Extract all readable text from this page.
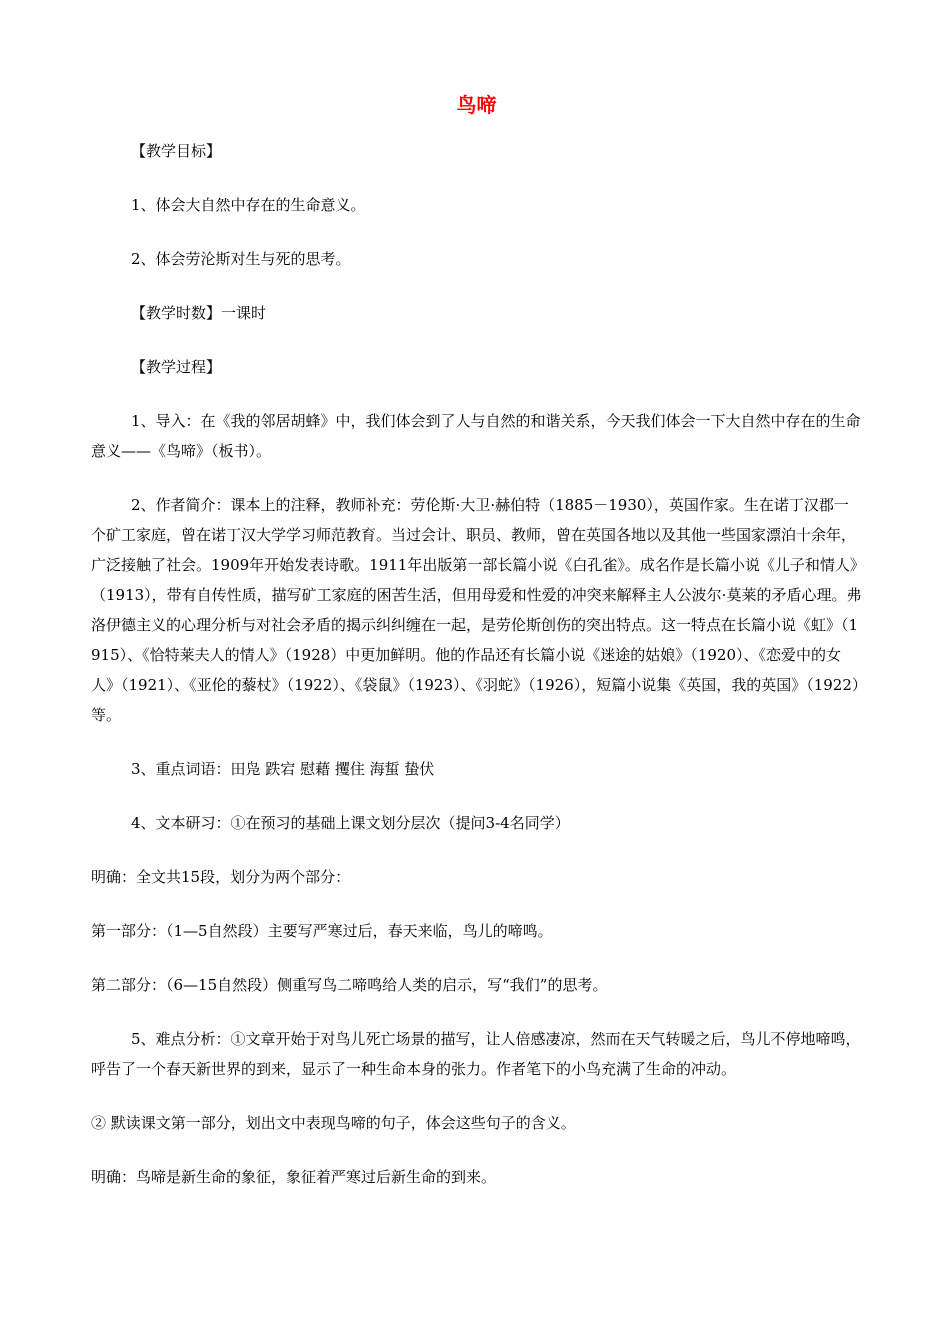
鸟啼
【教学目标】
1、体会大自然中存在的生命意义。
2、体会劳沦斯对生与死的思考。
【教学时数】一课时
【教学过程】
1、导入：在《我的邻居胡蜂》中，我们体会到了人与自然的和谐关系，今天我们体会一下大自然中存在的生命意义——《鸟啼》（板书）。
2、作者简介：课本上的注释，教师补充：劳伦斯·大卫·赫伯特（1885－1930），英国作家。生在诺丁汉郡一个矿工家庭，曾在诺丁汉大学学习师范教育。当过会计、职员、教师，曾在英国各地以及其他一些国家漂泊十余年，广泛接触了社会。1909年开始发表诗歌。1911年出版第一部长篇小说《白孔雀》。成名作是长篇小说《儿子和情人》（1913），带有自传性质，描写矿工家庭的困苦生活，但用母爱和性爱的冲突来解释主人公波尔·莫莱的矛盾心理。弗洛伊德主义的心理分析与对社会矛盾的揭示纠纠缠在一起，是劳伦斯创伤的突出特点。这一特点在长篇小说《虹》（1915）、《恰特莱夫人的情人》（1928）中更加鲜明。他的作品还有长篇小说《迷途的姑娘》（1920）、《恋爱中的女人》（1921）、《亚伦的藜杖》（1922）、《袋鼠》（1923）、《羽蛇》（1926），短篇小说集《英国，我的英国》（1922）等。
3、重点词语：田凫 跌宕 慰藉 攫住 海蜇 蛰伏
4、文本研习：①在预习的基础上课文划分层次（提问3-4名同学）
明确：全文共15段，划分为两个部分：
第一部分：（1—5自然段）主要写严寒过后，春天来临，鸟儿的啼鸣。
第二部分：（6—15自然段）侧重写鸟二啼鸣给人类的启示，写“我们”的思考。
5、难点分析：①文章开始于对鸟儿死亡场景的描写，让人倍感凄凉，然而在天气转暖之后，鸟儿不停地啼鸣，呼告了一个春天新世界的到来，显示了一种生命本身的张力。作者笔下的小鸟充满了生命的冲动。
② 默读课文第一部分，划出文中表现鸟啼的句子，体会这些句子的含义。
明确：鸟啼是新生命的象征，象征着严寒过后新生命的到来。
